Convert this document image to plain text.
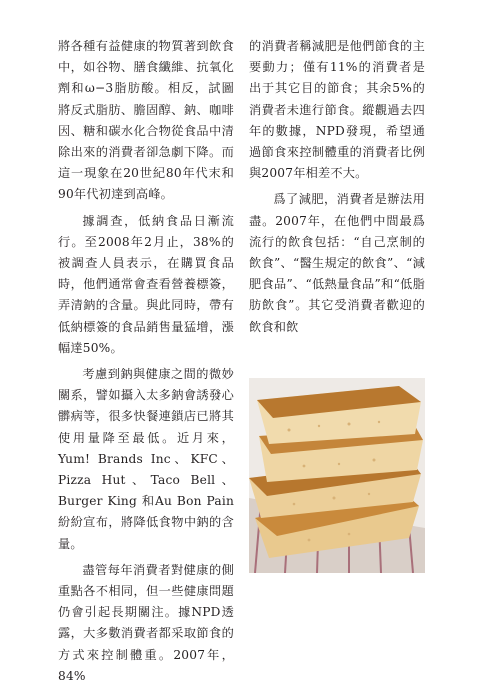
將各種有益健康的物質著到飲食中，如谷物、膳食纖維、抗氧化劑和ω−3脂肪酸。相反，試圖將反式脂肪、膽固醇、鈉、咖啡因、糖和碳水化合物從食品中清除出來的消費者卻急劇下降。而這一現象在20世紀80年代末和90年代初達到高峰。

據調查，低納食品日漸流行。至2008年2月止，38%的被調查人員表示，在購買食品時，他們通常會查看營養標簽，弄清鈉的含量。與此同時，帶有低納標簽的食品銷售量猛增，漲幅達50%。

考慮到鈉與健康之間的微妙關系，譬如攝入太多鈉會誘發心髒病等，很多快餐連鎖店已將其使用量降至最低。近月來，Yum! Brands Inc、KFC、Pizza Hut、Taco Bell、Burger King 和Au Bon Pain紛紛宣布，將降低食物中鈉的含量。

盡管每年消費者對健康的側重點各不相同，但一些健康問題仍會引起長期關注。據NPD透露，大多數消費者都采取節食的方式來控制體重。2007年，84%

的消費者稱減肥是他們節食的主要動力；僅有11%的消費者是出于其它目的節食；其余5%的消費者未進行節食。縱觀過去四年的數據，NPD發現，希望通過節食來控制體重的消費者比例與2007年相差不大。

爲了減肥，消費者是辦法用盡。2007年，在他們中間最爲流行的飲食包括：“自己烹制的飲食”、“醫生規定的飲食”、“減肥食品”、“低熱量食品”和“低脂肪飲食”。其它受消費者歡迎的飲食和飲
